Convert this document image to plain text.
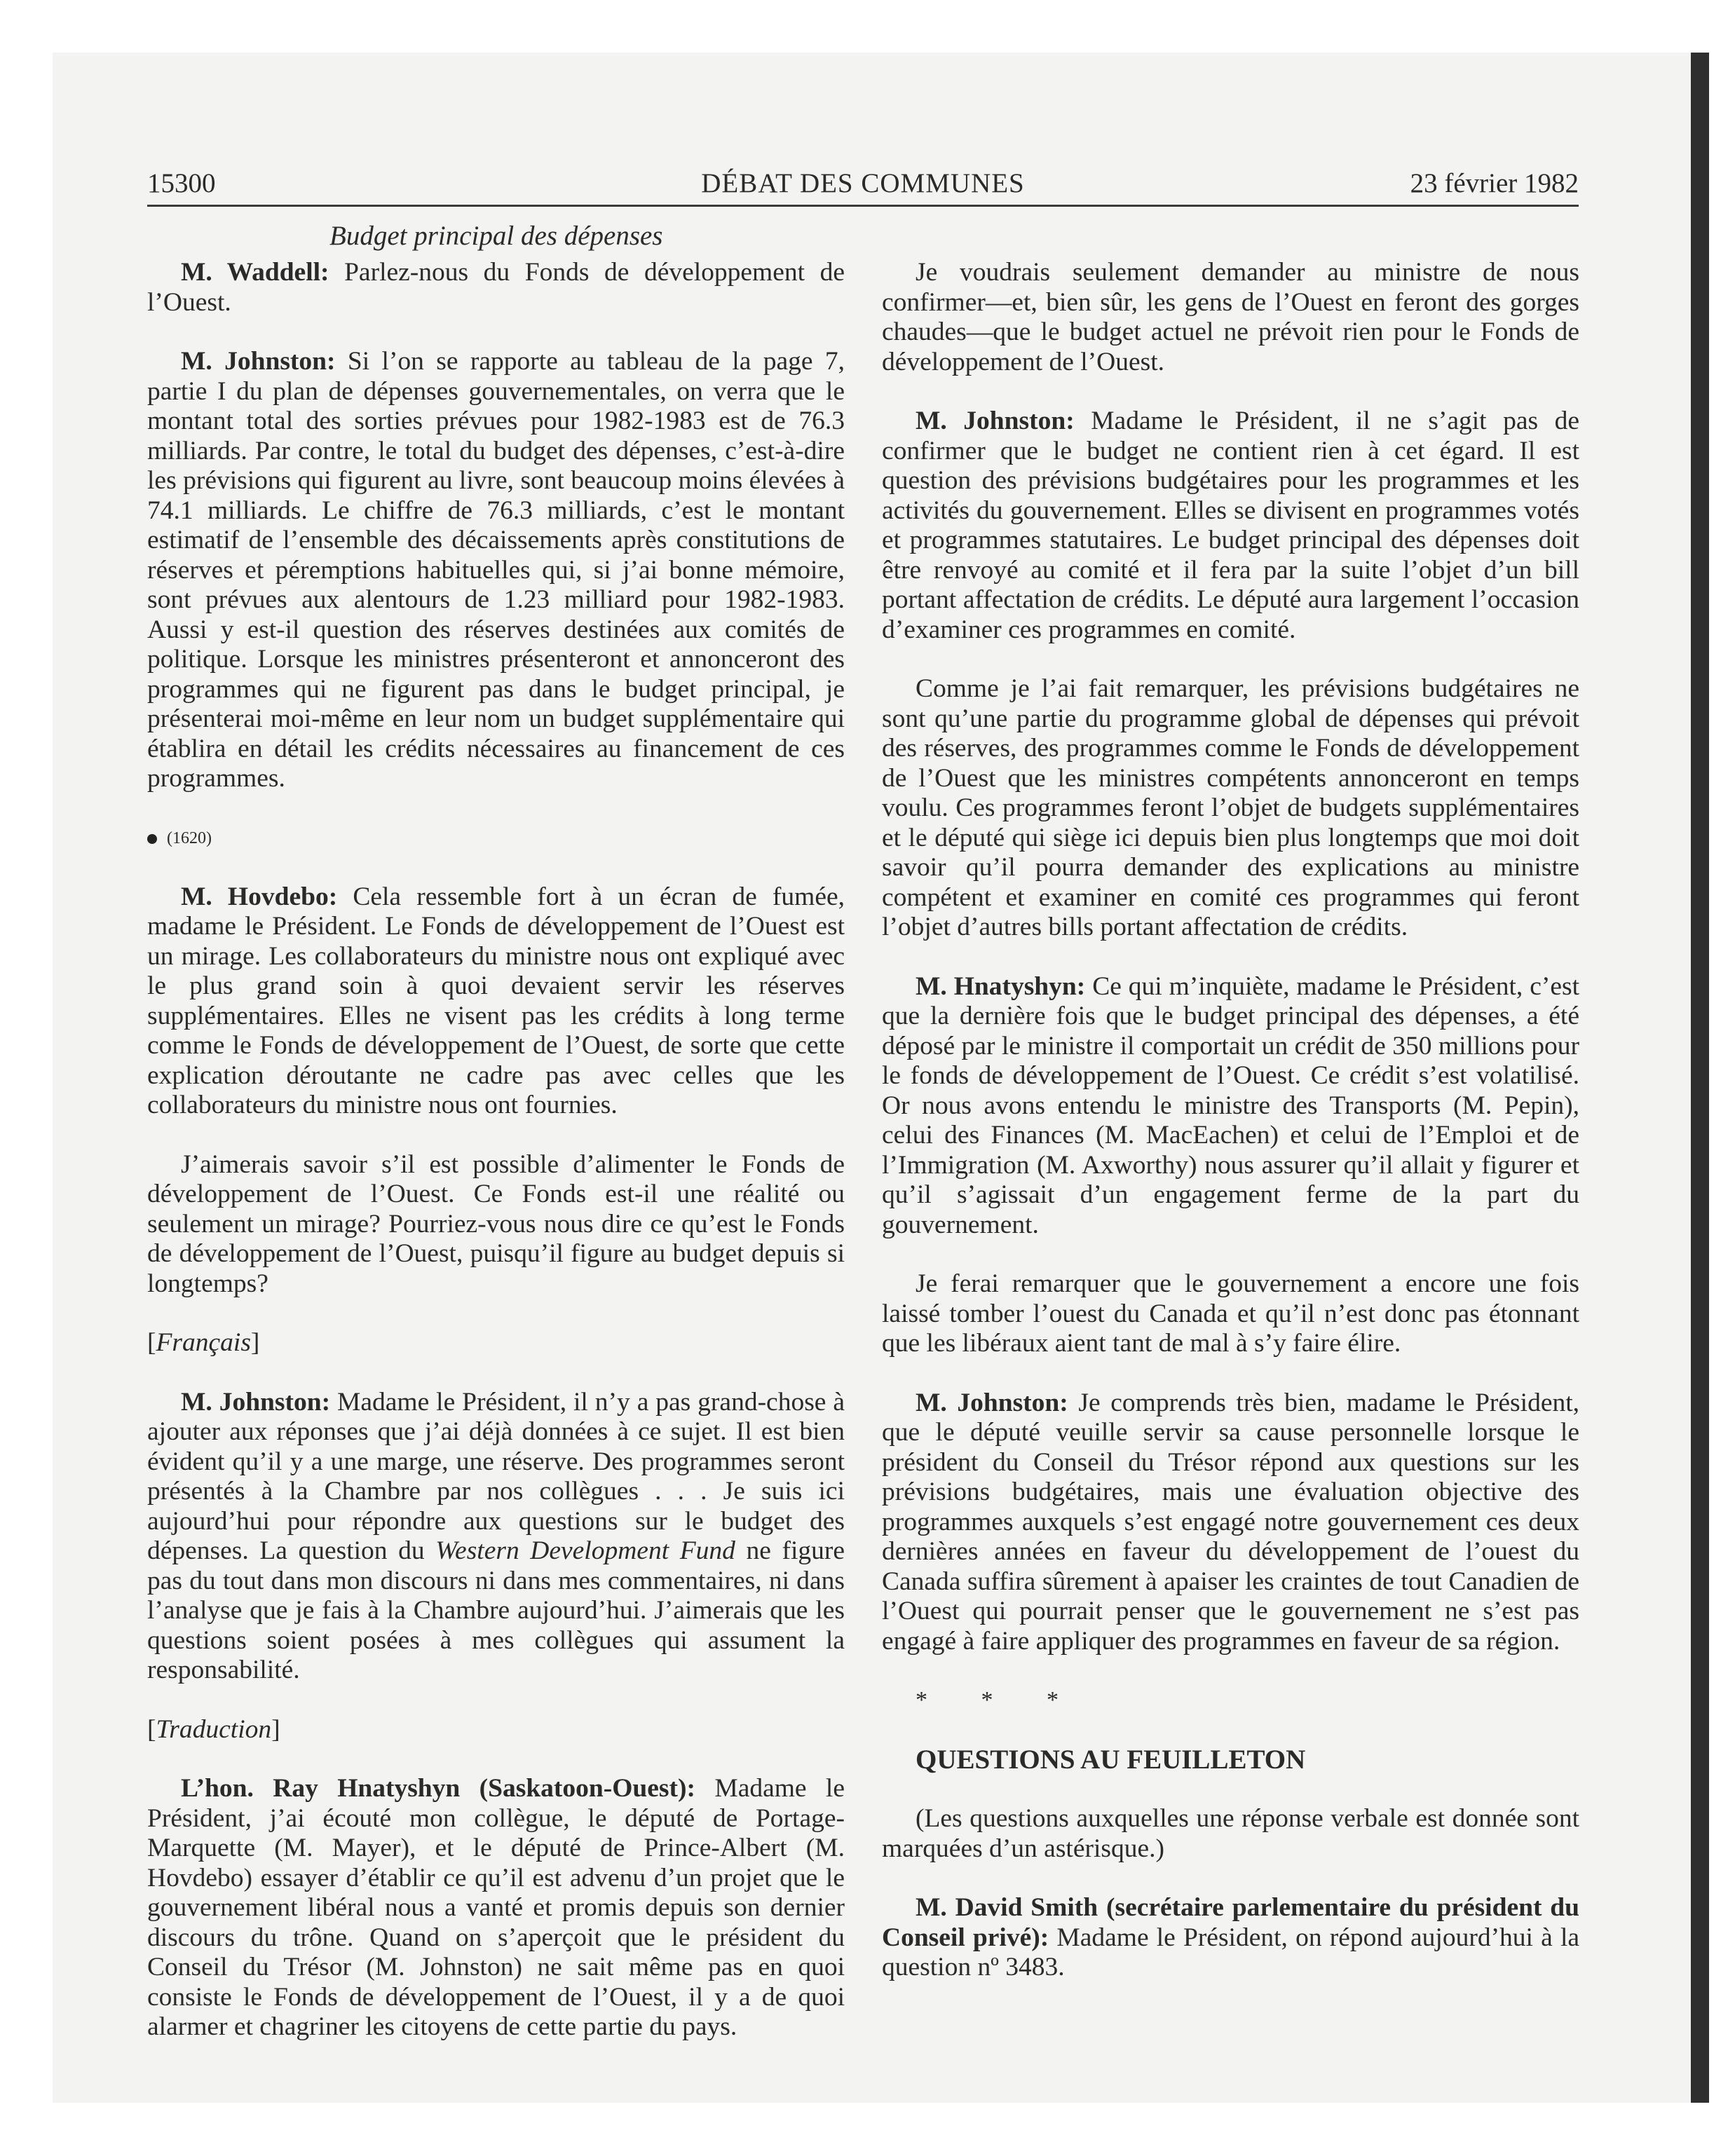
15300	DÉBAT DES COMMUNES	23 février 1982
Budget principal des dépenses

M. Waddell: Parlez-nous du Fonds de développement de l’Ouest.

M. Johnston: Si l’on se rapporte au tableau de la page 7, partie I du plan de dépenses gouvernementales, on verra que le montant total des sorties prévues pour 1982-1983 est de 76.3 milliards. Par contre, le total du budget des dépenses, c’est-à-dire les prévisions qui figurent au livre, sont beaucoup moins élevées à 74.1 milliards. Le chiffre de 76.3 milliards, c’est le montant estimatif de l’ensemble des décaissements après constitutions de réserves et péremptions habituelles qui, si j’ai bonne mémoire, sont prévues aux alentours de 1.23 milliard pour 1982-1983. Aussi y est-il question des réserves destinées aux comités de politique. Lorsque les ministres présenteront et annonceront des programmes qui ne figurent pas dans le budget principal, je présenterai moi-même en leur nom un budget supplémentaire qui établira en détail les crédits nécessaires au financement de ces programmes.

(1620)

M. Hovdebo: Cela ressemble fort à un écran de fumée, madame le Président. Le Fonds de développement de l’Ouest est un mirage. Les collaborateurs du ministre nous ont expliqué avec le plus grand soin à quoi devaient servir les réserves supplémentaires. Elles ne visent pas les crédits à long terme comme le Fonds de développement de l’Ouest, de sorte que cette explication déroutante ne cadre pas avec celles que les collaborateurs du ministre nous ont fournies.

J’aimerais savoir s’il est possible d’alimenter le Fonds de développement de l’Ouest. Ce Fonds est-il une réalité ou seulement un mirage? Pourriez-vous nous dire ce qu’est le Fonds de développement de l’Ouest, puisqu’il figure au budget depuis si longtemps?

[Français]

M. Johnston: Madame le Président, il n’y a pas grand-chose à ajouter aux réponses que j’ai déjà données à ce sujet. Il est bien évident qu’il y a une marge, une réserve. Des programmes seront présentés à la Chambre par nos collègues . . . Je suis ici aujourd’hui pour répondre aux questions sur le budget des dépenses. La question du Western Development Fund ne figure pas du tout dans mon discours ni dans mes commentaires, ni dans l’analyse que je fais à la Chambre aujourd’hui. J’aimerais que les questions soient posées à mes collègues qui assument la responsabilité.

[Traduction]

L’hon. Ray Hnatyshyn (Saskatoon-Ouest): Madame le Président, j’ai écouté mon collègue, le député de Portage-Marquette (M. Mayer), et le député de Prince-Albert (M. Hovdebo) essayer d’établir ce qu’il est advenu d’un projet que le gouvernement libéral nous a vanté et promis depuis son dernier discours du trône. Quand on s’aperçoit que le président du Conseil du Trésor (M. Johnston) ne sait même pas en quoi consiste le Fonds de développement de l’Ouest, il y a de quoi alarmer et chagriner les citoyens de cette partie du pays.

Je voudrais seulement demander au ministre de nous confirmer—et, bien sûr, les gens de l’Ouest en feront des gorges chaudes—que le budget actuel ne prévoit rien pour le Fonds de développement de l’Ouest.

M. Johnston: Madame le Président, il ne s’agit pas de confirmer que le budget ne contient rien à cet égard. Il est question des prévisions budgétaires pour les programmes et les activités du gouvernement. Elles se divisent en programmes votés et programmes statutaires. Le budget principal des dépenses doit être renvoyé au comité et il fera par la suite l’objet d’un bill portant affectation de crédits. Le député aura largement l’occasion d’examiner ces programmes en comité.

Comme je l’ai fait remarquer, les prévisions budgétaires ne sont qu’une partie du programme global de dépenses qui prévoit des réserves, des programmes comme le Fonds de développement de l’Ouest que les ministres compétents annonceront en temps voulu. Ces programmes feront l’objet de budgets supplémentaires et le député qui siège ici depuis bien plus longtemps que moi doit savoir qu’il pourra demander des explications au ministre compétent et examiner en comité ces programmes qui feront l’objet d’autres bills portant affectation de crédits.

M. Hnatyshyn: Ce qui m’inquiète, madame le Président, c’est que la dernière fois que le budget principal des dépenses, a été déposé par le ministre il comportait un crédit de 350 millions pour le fonds de développement de l’Ouest. Ce crédit s’est volatilisé. Or nous avons entendu le ministre des Transports (M. Pepin), celui des Finances (M. MacEachen) et celui de l’Emploi et de l’Immigration (M. Axworthy) nous assurer qu’il allait y figurer et qu’il s’agissait d’un engagement ferme de la part du gouvernement.

Je ferai remarquer que le gouvernement a encore une fois laissé tomber l’ouest du Canada et qu’il n’est donc pas étonnant que les libéraux aient tant de mal à s’y faire élire.

M. Johnston: Je comprends très bien, madame le Président, que le député veuille servir sa cause personnelle lorsque le président du Conseil du Trésor répond aux questions sur les prévisions budgétaires, mais une évaluation objective des programmes auxquels s’est engagé notre gouvernement ces deux dernières années en faveur du développement de l’ouest du Canada suffira sûrement à apaiser les craintes de tout Canadien de l’Ouest qui pourrait penser que le gouvernement ne s’est pas engagé à faire appliquer des programmes en faveur de sa région.

* * *

QUESTIONS AU FEUILLETON

(Les questions auxquelles une réponse verbale est donnée sont marquées d’un astérisque.)

M. David Smith (secrétaire parlementaire du président du Conseil privé): Madame le Président, on répond aujourd’hui à la question nº 3483.
